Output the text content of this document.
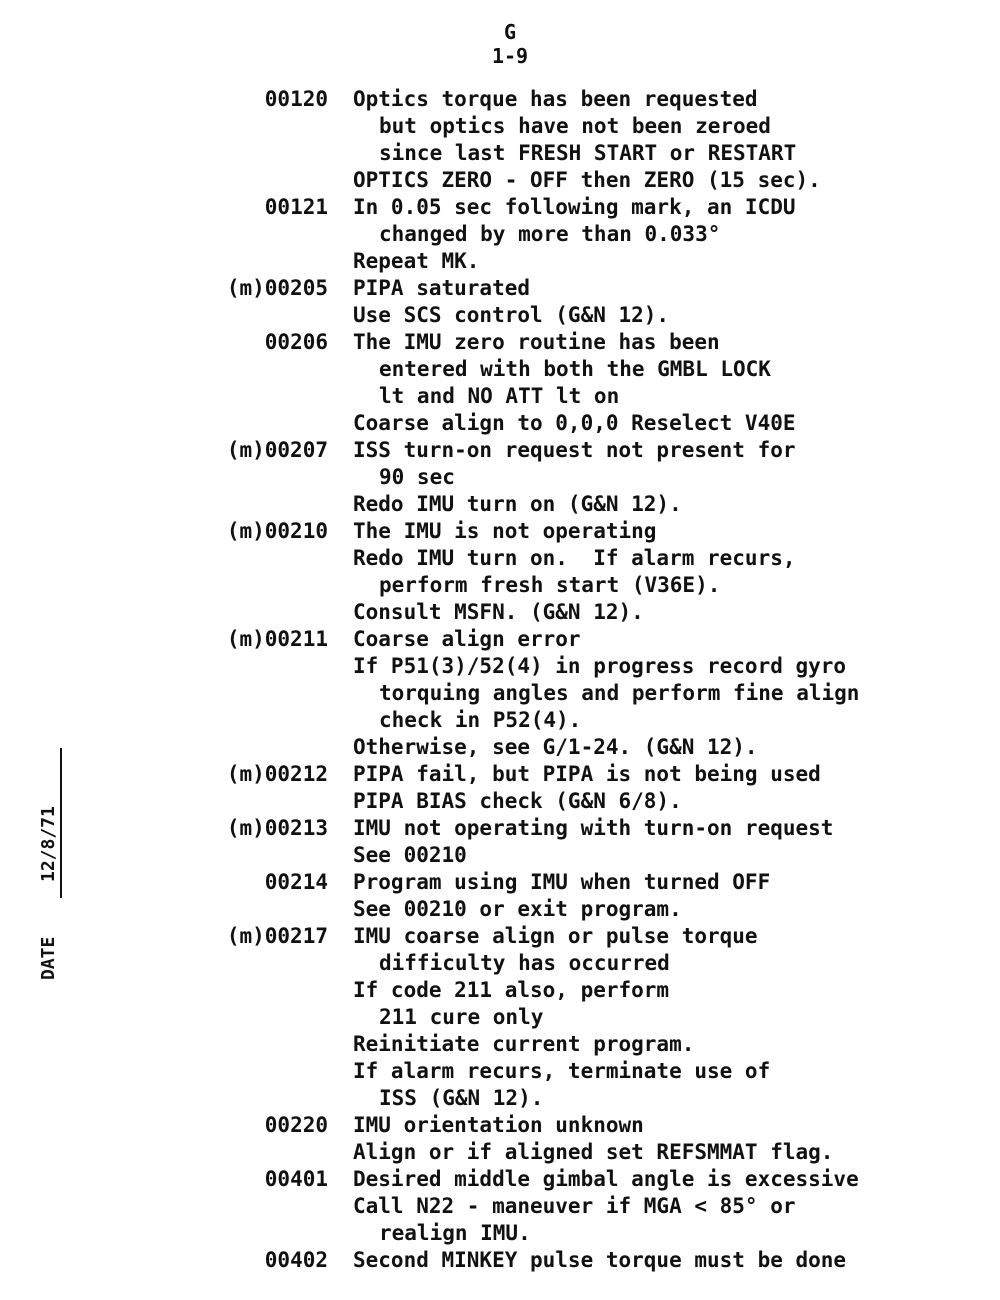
G
1-9
12/8/71
DATE
00120 Optics torque has been requested
but optics have not been zeroed
since last FRESH START or RESTART
OPTICS ZERO - OFF then ZERO (15 sec).
00121 In 0.05 sec following mark, an ICDU
changed by more than 0.033°
Repeat MK.
(m)00205 PIPA saturated
Use SCS control (G&N 12).
00206 The IMU zero routine has been
entered with both the GMBL LOCK
lt and NO ATT lt on
Coarse align to 0,0,0 Reselect V40E
(m)00207 ISS turn-on request not present for
90 sec
Redo IMU turn on (G&N 12).
(m)00210 The IMU is not operating
Redo IMU turn on.  If alarm recurs,
perform fresh start (V36E).
Consult MSFN. (G&N 12).
(m)00211 Coarse align error
If P51(3)/52(4) in progress record gyro
torquing angles and perform fine align
check in P52(4).
Otherwise, see G/1-24. (G&N 12).
(m)00212 PIPA fail, but PIPA is not being used
PIPA BIAS check (G&N 6/8).
(m)00213 IMU not operating with turn-on request
See 00210
00214 Program using IMU when turned OFF
See 00210 or exit program.
(m)00217 IMU coarse align or pulse torque
difficulty has occurred
If code 211 also, perform
211 cure only
Reinitiate current program.
If alarm recurs, terminate use of
ISS (G&N 12).
00220 IMU orientation unknown
Align or if aligned set REFSMMAT flag.
00401 Desired middle gimbal angle is excessive
Call N22 - maneuver if MGA < 85° or
realign IMU.
00402 Second MINKEY pulse torque must be done
